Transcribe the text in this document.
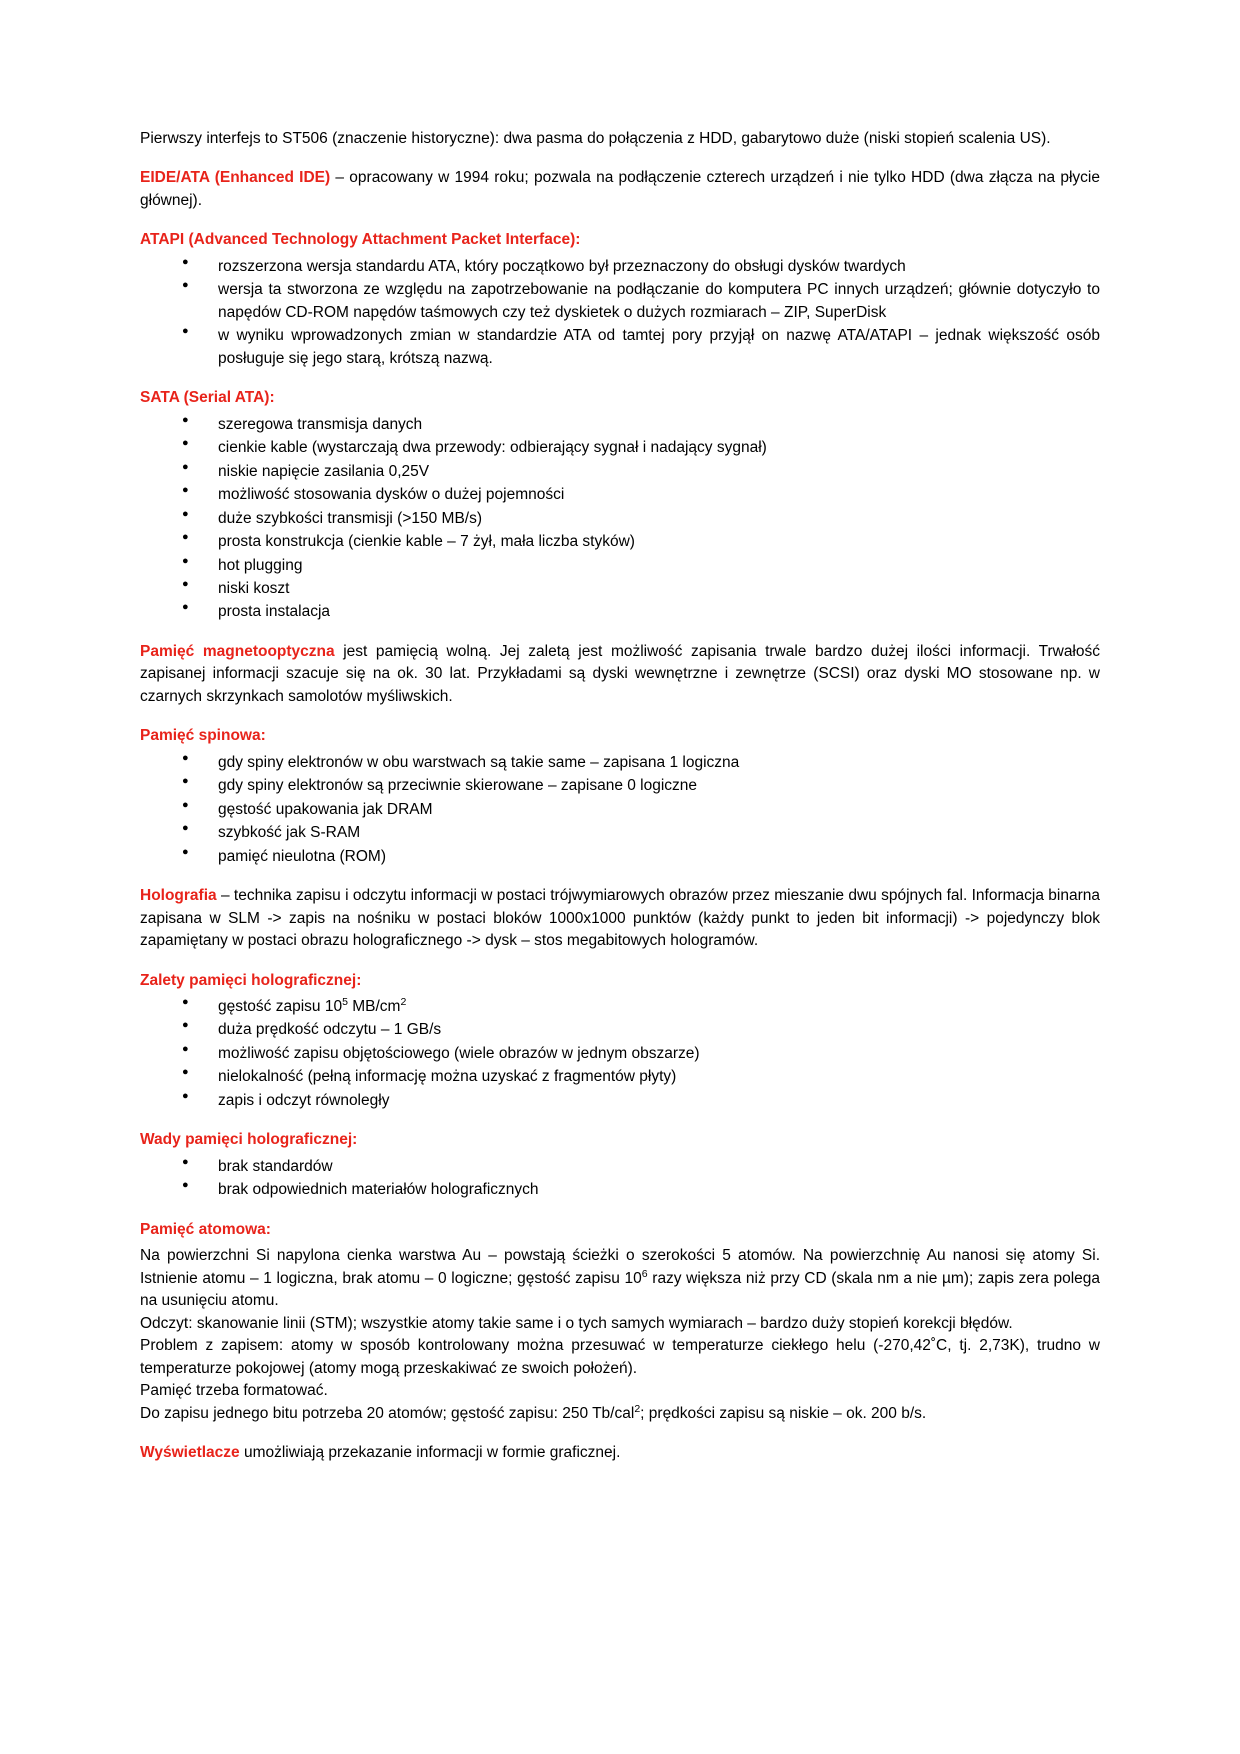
Pierwszy interfejs to ST506 (znaczenie historyczne): dwa pasma do połączenia z HDD, gabarytowo duże (niski stopień scalenia US).

EIDE/ATA (Enhanced IDE) – opracowany w 1994 roku; pozwala na podłączenie czterech urządzeń i nie tylko HDD (dwa złącza na płycie głównej).

ATAPI (Advanced Technology Attachment Packet Interface):

● rozszerzona wersja standardu ATA, który początkowo był przeznaczony do obsługi dysków twardych
● wersja ta stworzona ze względu na zapotrzebowanie na podłączanie do komputera PC innych urządzeń; głównie dotyczyło to napędów CD-ROM napędów taśmowych czy też dyskietek o dużych rozmiarach – ZIP, SuperDisk
● w wyniku wprowadzonych zmian w standardzie ATA od tamtej pory przyjął on nazwę ATA/ATAPI – jednak większość osób posługuje się jego starą, krótszą nazwą.

SATA (Serial ATA):

● szeregowa transmisja danych
● cienkie kable (wystarczają dwa przewody: odbierający sygnał i nadający sygnał)
● niskie napięcie zasilania 0,25V
● możliwość stosowania dysków o dużej pojemności
● duże szybkości transmisji (>150 MB/s)
● prosta konstrukcja (cienkie kable – 7 żył, mała liczba styków)
● hot plugging
● niski koszt
● prosta instalacja

Pamięć magnetooptyczna jest pamięcią wolną. Jej zaletą jest możliwość zapisania trwale bardzo dużej ilości informacji. Trwałość zapisanej informacji szacuje się na ok. 30 lat. Przykładami są dyski wewnętrzne i zewnętrze (SCSI) oraz dyski MO stosowane np. w czarnych skrzynkach samolotów myśliwskich.

Pamięć spinowa:

● gdy spiny elektronów w obu warstwach są takie same – zapisana 1 logiczna
● gdy spiny elektronów są przeciwnie skierowane – zapisane 0 logiczne
● gęstość upakowania jak DRAM
● szybkość jak S-RAM
● pamięć nieulotna (ROM)

Holografia – technika zapisu i odczytu informacji w postaci trójwymiarowych obrazów przez mieszanie dwu spójnych fal. Informacja binarna zapisana w SLM -> zapis na nośniku w postaci bloków 1000x1000 punktów (każdy punkt to jeden bit informacji) -> pojedynczy blok zapamiętany w postaci obrazu holograficznego -> dysk – stos megabitowych hologramów.

Zalety pamięci holograficznej:

● gęstość zapisu $10^5$ $MB/cm^2$
● duża prędkość odczytu – 1 GB/s
● możliwość zapisu objętościowego (wiele obrazów w jednym obszarze)
● nielokalność (pełną informację można uzyskać z fragmentów płyty)
● zapis i odczyt równoległy

Wady pamięci holograficznej:

● brak standardów
● brak odpowiednich materiałów holograficznych

Pamięć atomowa:

Na powierzchni Si napylona cienka warstwa Au – powstają ścieżki o szerokości 5 atomów. Na powierzchnię Au nanosi się atomy Si. Istnienie atomu – 1 logiczna, brak atomu – 0 logiczne; gęstość zapisu $10^6$ razy większa niż przy CD (skala nm a nie µm); zapis zera polega na usunięciu atomu.

Odczyt: skanowanie linii (STM); wszystkie atomy takie same i o tych samych wymiarach – bardzo duży stopień korekcji błędów.

Problem z zapisem: atomy w sposób kontrolowany można przesuwać w temperaturze ciekłego helu (-270,42˚C, tj. 2,73K), trudno w temperaturze pokojowej (atomy mogą przeskakiwać ze swoich położeń).

Pamięć trzeba formatować.

Do zapisu jednego bitu potrzeba 20 atomów; gęstość zapisu: 250 Tb/cal$^2$; prędkości zapisu są niskie – ok. 200 b/s.

Wyświetlacze umożliwiają przekazanie informacji w formie graficznej.
